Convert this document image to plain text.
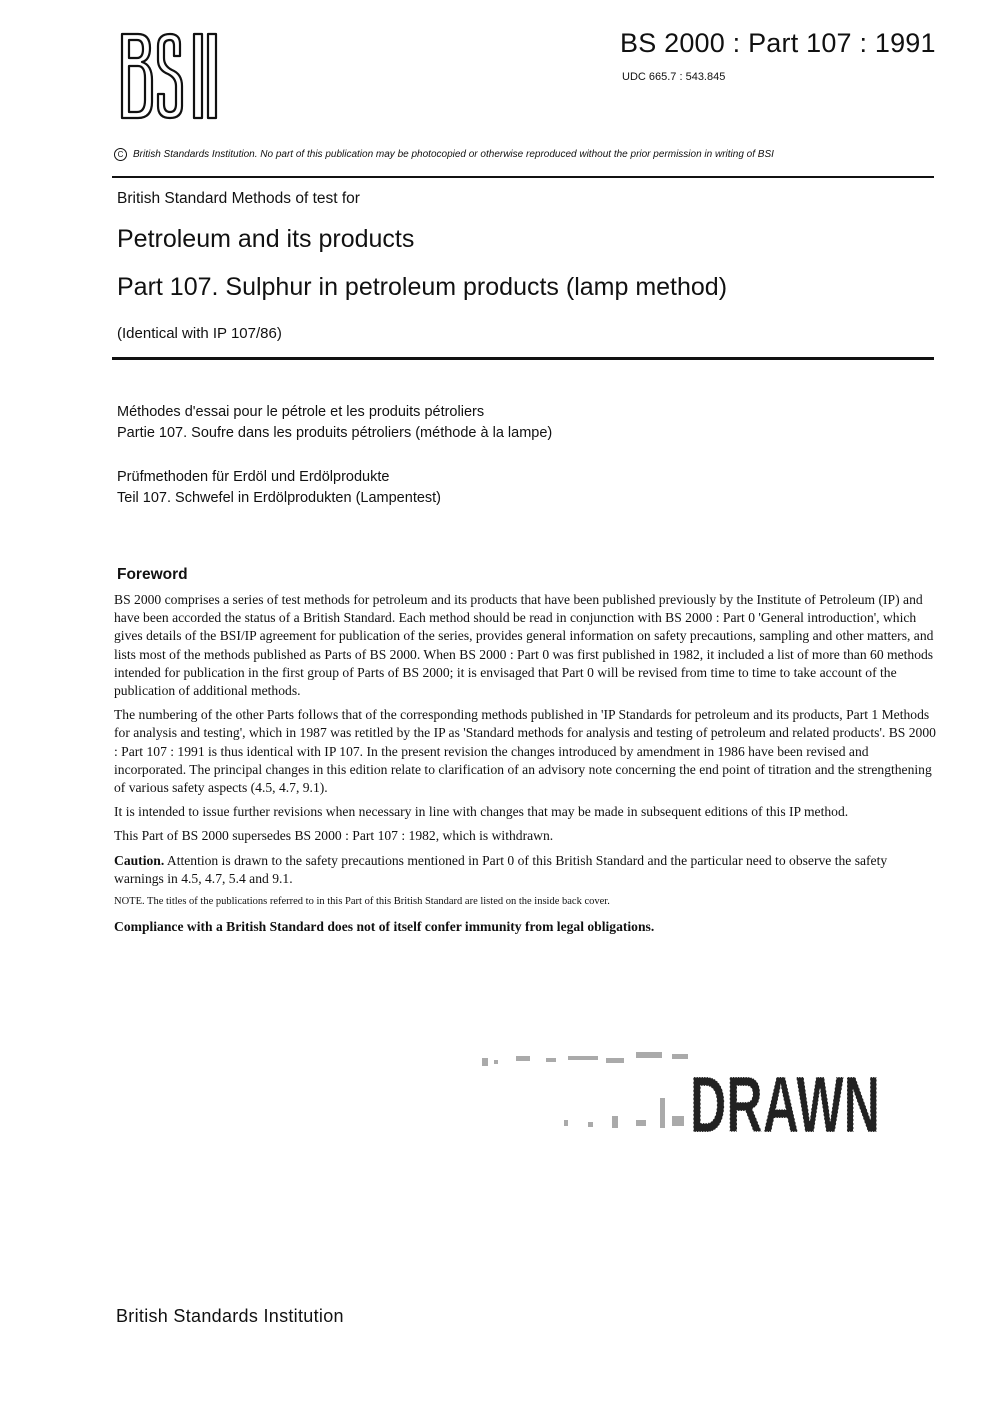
BS 2000 : Part 107 : 1991
UDC 665.7 : 543.845
C British Standards Institution. No part of this publication may be photocopied or otherwise reproduced without the prior permission in writing of BSI
British Standard Methods of test for
Petroleum and its products
Part 107. Sulphur in petroleum products (lamp method)
(Identical with IP 107/86)
Méthodes d'essai pour le pétrole et les produits pétroliers
Partie 107. Soufre dans les produits pétroliers (méthode à la lampe)
Prüfmethoden für Erdöl und Erdölprodukte
Teil 107. Schwefel in Erdölprodukten (Lampentest)
Foreword

BS 2000 comprises a series of test methods for petroleum and its products that have been published previously by the Institute of Petroleum (IP) and have been accorded the status of a British Standard. Each method should be read in conjunction with BS 2000 : Part 0 'General introduction', which gives details of the BSI/IP agreement for publication of the series, provides general information on safety precautions, sampling and other matters, and lists most of the methods published as Parts of BS 2000. When BS 2000 : Part 0 was first published in 1982, it included a list of more than 60 methods intended for publication in the first group of Parts of BS 2000; it is envisaged that Part 0 will be revised from time to time to take account of the publication of additional methods.

The numbering of the other Parts follows that of the corresponding methods published in 'IP Standards for petroleum and its products, Part 1 Methods for analysis and testing', which in 1987 was retitled by the IP as 'Standard methods for analysis and testing of petroleum and related products'. BS 2000 : Part 107 : 1991 is thus identical with IP 107. In the present revision the changes introduced by amendment in 1986 have been revised and incorporated. The principal changes in this edition relate to clarification of an advisory note concerning the end point of titration and the strengthening of various safety aspects (4.5, 4.7, 9.1).

It is intended to issue further revisions when necessary in line with changes that may be made in subsequent editions of this IP method.

This Part of BS 2000 supersedes BS 2000 : Part 107 : 1982, which is withdrawn.

Caution. Attention is drawn to the safety precautions mentioned in Part 0 of this British Standard and the particular need to observe the safety warnings in 4.5, 4.7, 5.4 and 9.1.

NOTE. The titles of the publications referred to in this Part of this British Standard are listed on the inside back cover.

Compliance with a British Standard does not of itself confer immunity from legal obligations.

DRAWN
British Standards Institution
